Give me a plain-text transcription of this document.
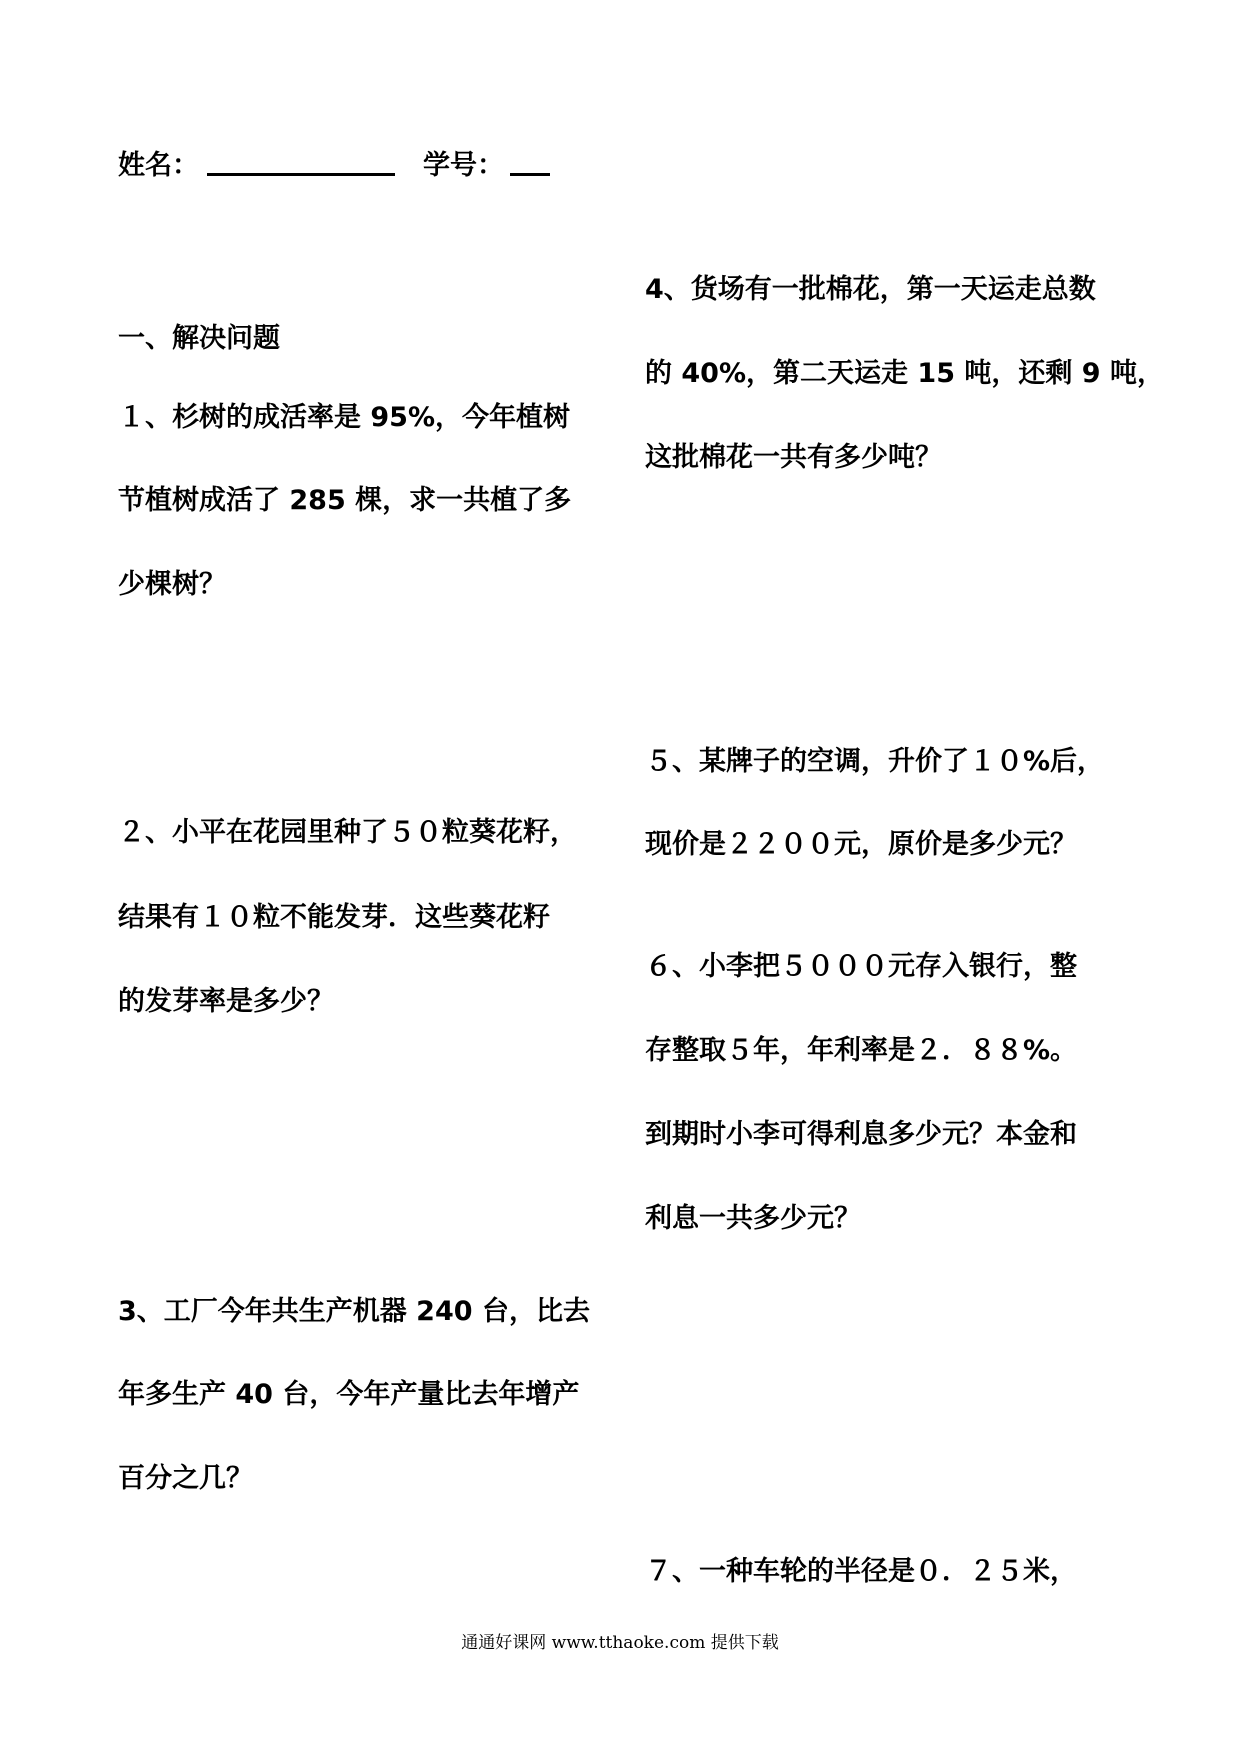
姓名：	学号：
一、解决问题
１、杉树的成活率是 95%，今年植树
节植树成活了 285 棵，求一共植了多
少棵树？
２、小平在花园里种了５０粒葵花籽，
结果有１０粒不能发芽．这些葵花籽
的发芽率是多少？
3、工厂今年共生产机器 240 台，比去
年多生产 40 台，今年产量比去年增产
百分之几？
4、货场有一批棉花，第一天运走总数
的 40%，第二天运走 15 吨，还剩 9 吨，
这批棉花一共有多少吨？
５、某牌子的空调，升价了１０%后，
现价是２２００元，原价是多少元？
６、小李把５０００元存入银行，整
存整取５年，年利率是２．８８%。
到期时小李可得利息多少元？本金和
利息一共多少元？
７、一种车轮的半径是０．２５米，
通通好课网 www.tthaoke.com 提供下载
